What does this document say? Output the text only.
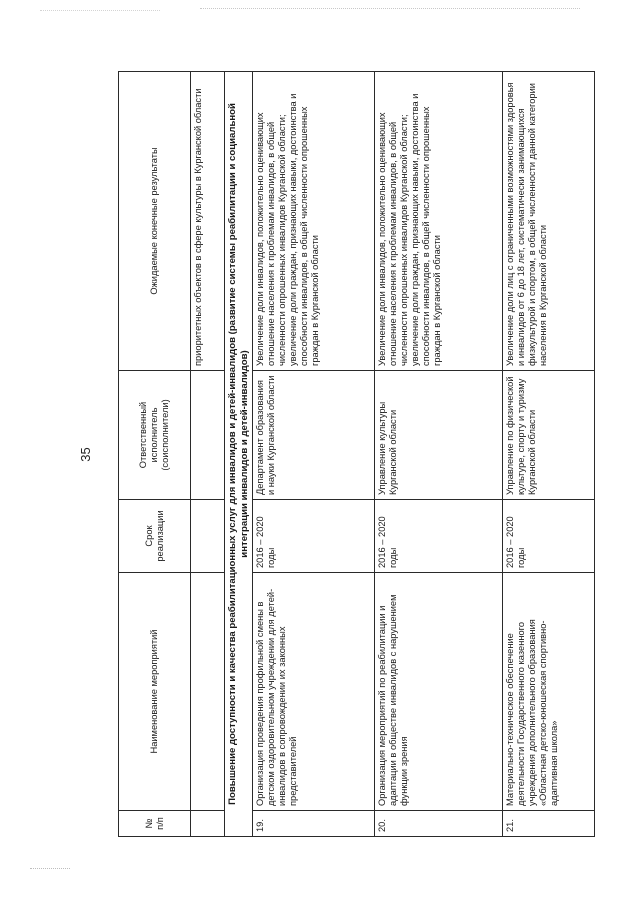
35
№
п/п	Наименование мероприятий	Срок реализации	Ответственный исполнитель (соисполнители)	Ожидаемые конечные результаты
				приоритетных объектов в сфере культуры в Курганской области
Повышение доступности и качества реабилитационных услуг для инвалидов и детей-инвалидов (развитие системы реабилитации и социальной интеграции инвалидов и детей-инвалидов)				
19.	Организация проведения профильной смены в детском оздоровительном учреждении для детей-инвалидов в сопровождении их законных представителей	2016 – 2020 годы	Департамент образования и науки Курганской области	Увеличение доли инвалидов, положительно оценивающих отношение населения к проблемам инвалидов, в общей численности опрошенных инвалидов Курганской области;
увеличение доли граждан, признающих навыки, достоинства и способности инвалидов, в общей численности опрошенных граждан в Курганской области
20.	Организация мероприятий по реабилитации и адаптации в обществе инвалидов с нарушением функции зрения	2016 – 2020 годы	Управление культуры Курганской области	Увеличение доли инвалидов, положительно оценивающих отношение населения к проблемам инвалидов, в общей численности опрошенных инвалидов Курганской области;
увеличение доли граждан, признающих навыки, достоинства и способности инвалидов, в общей численности опрошенных граждан в Курганской области
21.	Материально-техническое обеспечение деятельности Государственного казенного учреждения дополнительного образования «Областная детско-юношеская спортивно-адаптивная школа»	2016 – 2020 годы	Управление по физической культуре, спорту и туризму Курганской области	Увеличение доли лиц с ограниченными возможностями здоровья и инвалидов от 6 до 18 лет, систематически занимающихся физкультурой и спортом, в общей численности данной категории населения в Курганской области
